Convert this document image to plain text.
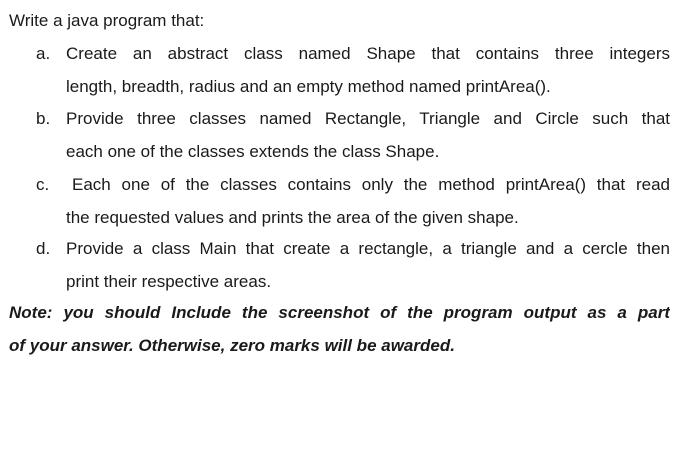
Write a java program that:
a. Create an abstract class named Shape that contains three integers
length, breadth, radius and an empty method named printArea().
b. Provide three classes named Rectangle, Triangle and Circle such that
each one of the classes extends the class Shape.
c. Each one of the classes contains only the method printArea() that read
the requested values and prints the area of the given shape.
d. Provide a class Main that create a rectangle, a triangle and a cercle then
print their respective areas.
Note: you should Include the screenshot of the program output as a part
of your answer. Otherwise, zero marks will be awarded.
